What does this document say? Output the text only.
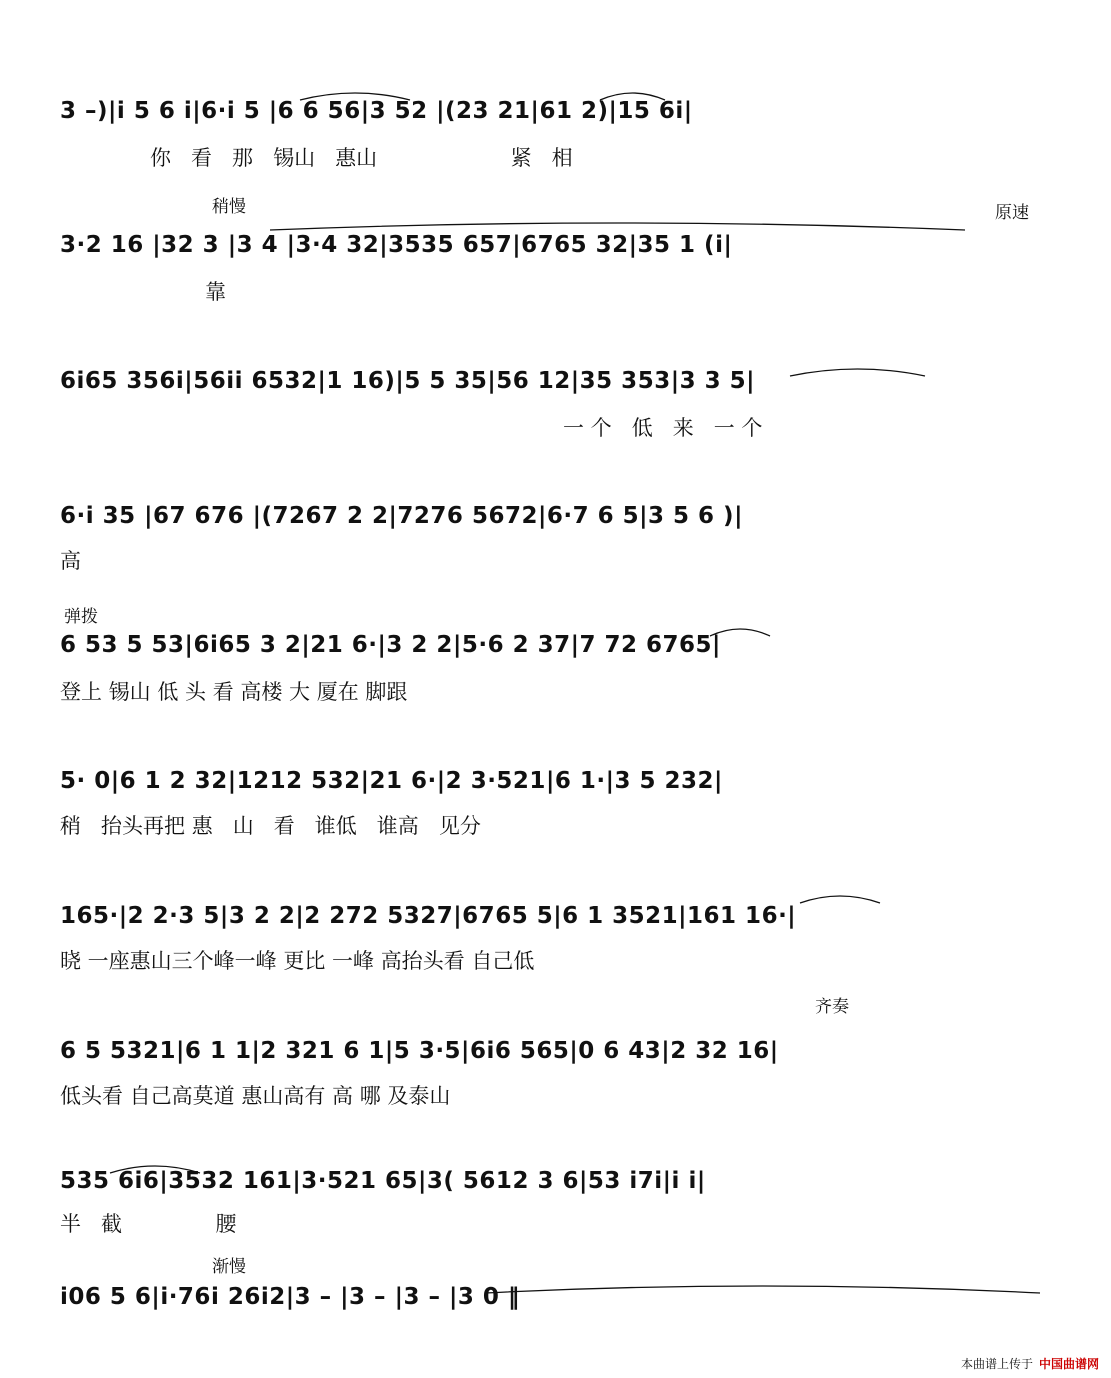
3 –)|i 5 6 i|6·i 5 |6 6 56|3 52 |(23 21|61 2)|15 6i|
你   看   那   锡山   惠山                    紧   相
稍慢	原速
3·2 16 |32 3 |3 4 |3·4 32|3535 657|6765 32|35 1 (i|
靠
6i65 356i|56ii 6532|1 16)|5 5 35|56 12|35 353|3 3 5|
一 个   低   来   一 个
6·i 35 |67 676 |(7267 2 2|7276 5672|6·7 6 5|3 5 6 )|
高
弹拨
6 53 5 53|6i65 3 2|21 6·|3 2 2|5·6 2 37|7 72 6765|
登上 锡山 低 头 看 高楼 大 厦在 脚跟
5· 0|6 1 2 32|1212 532|21 6·|2 3·521|6 1·|3 5 232|
稍   抬头再把 惠   山   看   谁低   谁高   见分
165·|2 2·3 5|3 2 2|2 272 5327|6765 5|6 1 3521|161 16·|
晓 一座惠山三个峰一峰 更比 一峰 高抬头看 自己低
齐奏
6 5 5321|6 1 1|2 321 6 1|5 3·5|6i6 565|0 6 43|2 32 16|
低头看 自己高莫道 惠山高有 高 哪 及泰山
535 6i6|3532 161|3·521 65|3( 5612 3 6|53 i7i|i i|
半   截              腰
渐慢
i06 5 6|i·76i 26i2|3 – |3 – |3 – |3 0 ‖
本曲谱上传于 中国曲谱网
